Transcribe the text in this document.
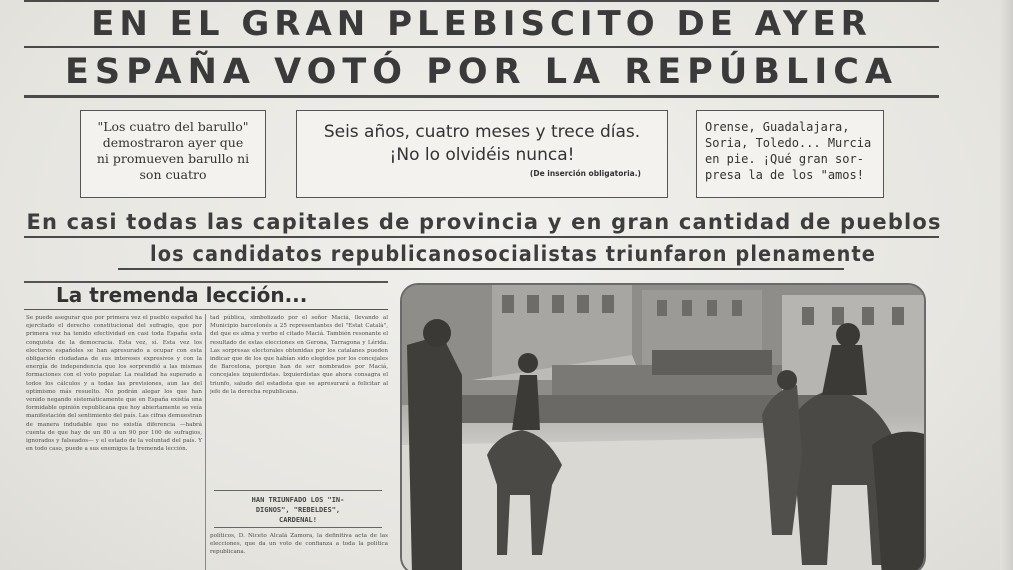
EN EL GRAN PLEBISCITO DE AYER
ESPAÑA VOTÓ POR LA REPÚBLICA
"Los cuatro del barullo"
demostraron ayer que
ni promueven barullo ni
son cuatro
Seis años, cuatro meses y trece días.
¡No lo olvidéis nunca!
(De inserción obligatoria.)
Orense, Guadalajara,
Soria, Toledo... Murcia
en pie. ¡Qué gran sor-
presa la de los "amos!
En casi todas las capitales de provincia y en gran cantidad de pueblos
los candidatos republicanosocialistas triunfaron plenamente
La tremenda lección...
Se puede asegurar que por primera vez el pueblo español ha ejercitado el derecho constitucional del sufragio, que por primera vez ha tenido efectividad en casi toda España esta conquista de la democracia. Esta vez, sí. Esta vez los electores españoles se han apresurado a ocupar con esta obligación ciudadana de sus intereses expresivos y con la energía de independencia que los sorprendió a las mismas formaciones con el voto popular. La realidad ha superado a todos los cálculos y a todas las previsiones, aun las del optimismo más resuelto. No podrán alegar los que han venido negando sistemáticamente que en España existía una formidable opinión republicana que hoy abiertamente se veía manifestación del sentimiento del país. Las cifras demuestran de manera indudable que no existía diferencia —habrá cuenta de que hay de un 80 a un 90 por 100 de sufragios, ignorados y falseados— y el estado de la voluntad del país. Y en todo caso, puede a sus enemigos la tremenda lección.
tad pública, simbolizado por el señor Maciá, llevando al Municipio barcelonés a 25 representantes del "Estat Català", del que es alma y verbo el citado Maciá. También resonante el resultado de estas elecciones en Gerona, Tarragona y Lérida. Las sorpresas electorales obtenidas por los catalanes pueden indicar que de los que habían sido elegidos por los concejales de Barcelona, porque han de ser nombrados por Maciá, concejales izquierdistas. Izquierdistas que ahora consagra el triunfo, saludo del estadista que se apresurará a felicitar al jefe de la derecha republicana.
HAN TRIUNFADO LOS "IN-
DIGNOS", "REBELDES",
CARDENAL!
políticos, D. Niceto Alcalá Zamora, la definitiva acta de las elecciones, que da un voto de confianza a toda la política republicana.
